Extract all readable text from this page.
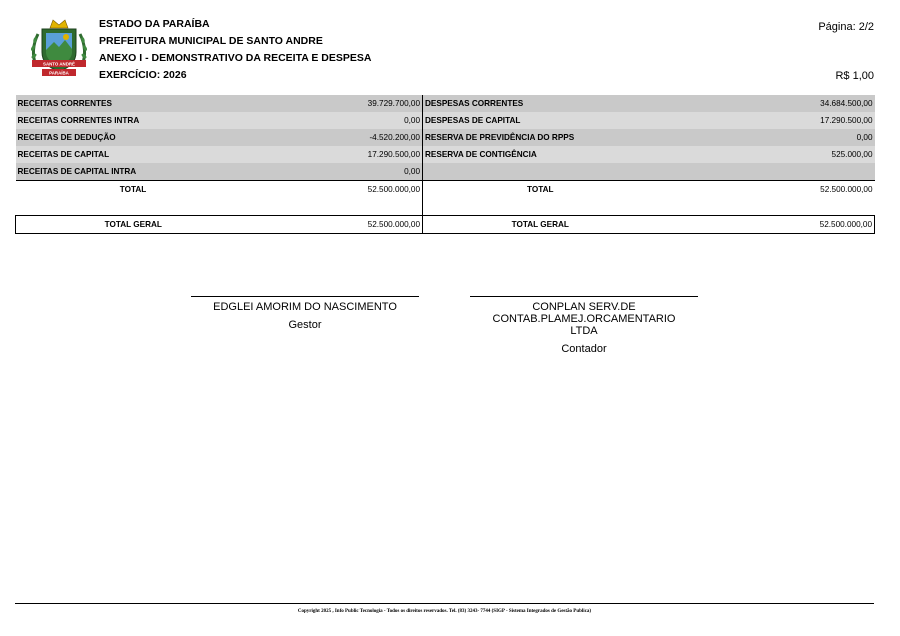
SANTO ANDRÉ
PARAÍBA
ESTADO DA PARAÍBA
PREFEITURA MUNICIPAL DE SANTO ANDRE
ANEXO I - DEMONSTRATIVO DA RECEITA E DESPESA
EXERCÍCIO: 2026
Página: 2/2
R$ 1,00
RECEITAS CORRENTES	39.729.700,00	DESPESAS CORRENTES	34.684.500,00
RECEITAS CORRENTES INTRA	0,00	DESPESAS DE CAPITAL	17.290.500,00
RECEITAS DE DEDUÇÃO	-4.520.200,00	RESERVA DE PREVIDÊNCIA DO RPPS	0,00
RECEITAS DE CAPITAL	17.290.500,00	RESERVA DE CONTIGÊNCIA	525.000,00
RECEITAS DE CAPITAL INTRA	0,00		
TOTAL	52.500.000,00	TOTAL	52.500.000,00

TOTAL GERAL	52.500.000,00	TOTAL GERAL	52.500.000,00
EDGLEI AMORIM DO NASCIMENTO
Gestor
CONPLAN SERV.DE CONTAB.PLAMEJ.ORCAMENTARIO LTDA
Contador
Copyright 2025 , Info Public Tecnologia - Todos os direitos reservados. Tel. (83) 3243- 7744 (SIGP - Sistema Integrados de Gestão Publica)
